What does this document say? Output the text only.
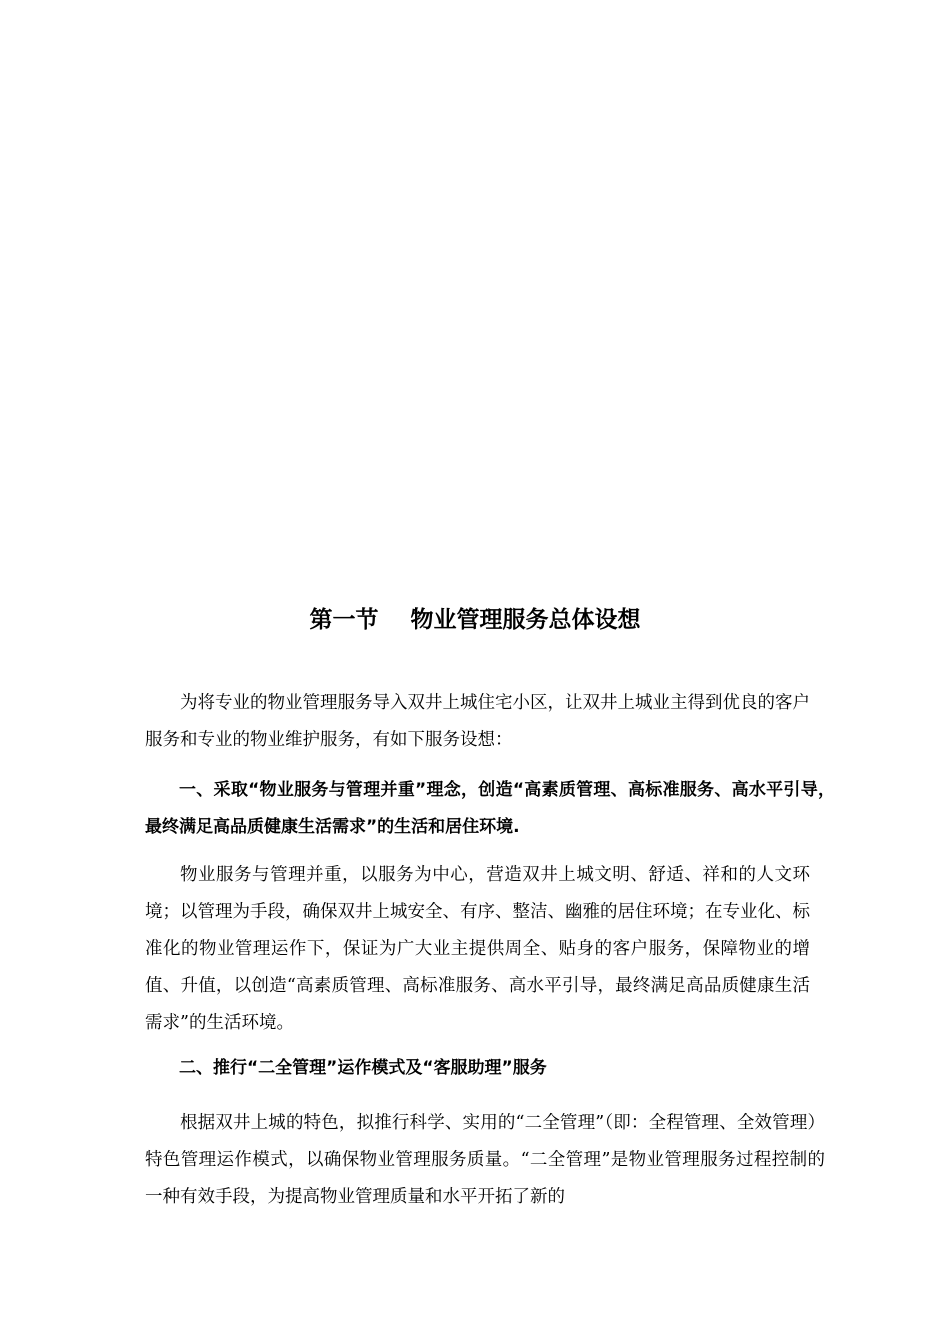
第一节    物业管理服务总体设想

为将专业的物业管理服务导入双井上城住宅小区，让双井上城业主得到优良的客户服务和专业的物业维护服务，有如下服务设想：

一、采取“物业服务与管理并重”理念，创造“高素质管理、高标准服务、高水平引导，最终满足高品质健康生活需求”的生活和居住环境.

物业服务与管理并重，以服务为中心，营造双井上城文明、舒适、祥和的人文环境；以管理为手段，确保双井上城安全、有序、整洁、幽雅的居住环境；在专业化、标准化的物业管理运作下，保证为广大业主提供周全、贴身的客户服务，保障物业的增值、升值，以创造“高素质管理、高标准服务、高水平引导，最终满足高品质健康生活需求”的生活环境。

二、推行“二全管理”运作模式及“客服助理”服务

根据双井上城的特色，拟推行科学、实用的“二全管理”（即：全程管理、全效管理）特色管理运作模式，以确保物业管理服务质量。“二全管理”是物业管理服务过程控制的一种有效手段，为提高物业管理质量和水平开拓了新的
